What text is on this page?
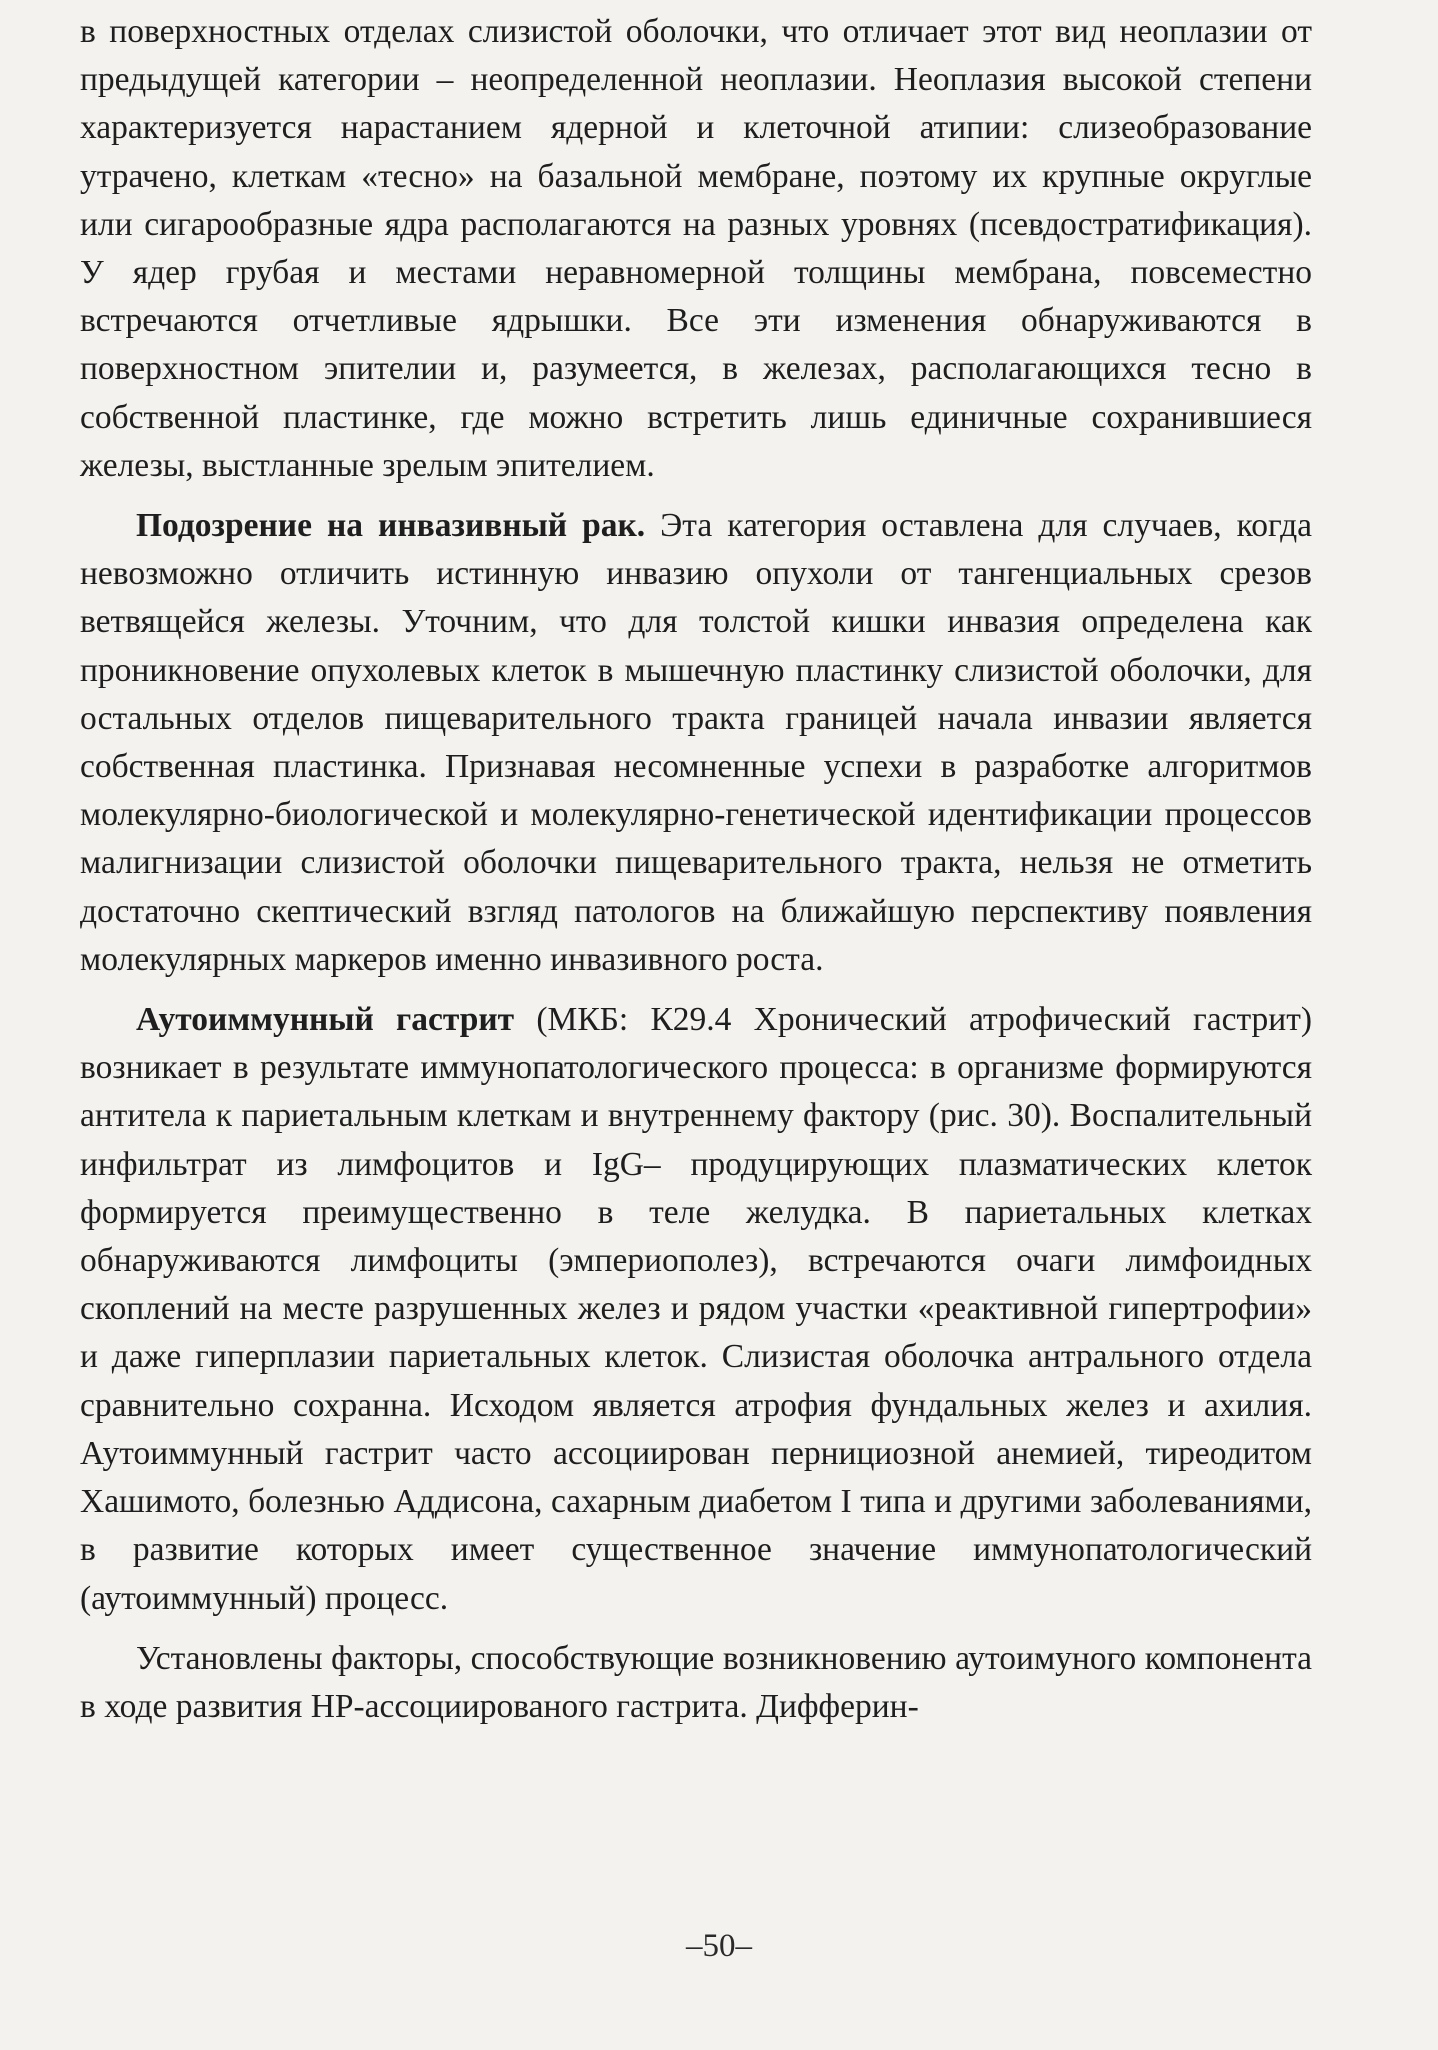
в поверхностных отделах слизистой оболочки, что отличает этот вид неоплазии от предыдущей категории – неопределенной неоплазии. Неоплазия высокой степени характеризуется нарастанием ядерной и клеточной атипии: слизеобразование утрачено, клеткам «тесно» на базальной мембране, поэтому их крупные округлые или сигарообразные ядра располагаются на разных уровнях (псевдостратификация). У ядер грубая и местами неравномерной толщины мембрана, повсеместно встречаются отчетливые ядрышки. Все эти изменения обнаруживаются в поверхностном эпителии и, разумеется, в железах, располагающихся тесно в собственной пластинке, где можно встретить лишь единичные сохранившиеся железы, выстланные зрелым эпителием.

Подозрение на инвазивный рак. Эта категория оставлена для случаев, когда невозможно отличить истинную инвазию опухоли от тангенциальных срезов ветвящейся железы. Уточним, что для толстой кишки инвазия определена как проникновение опухолевых клеток в мышечную пластинку слизистой оболочки, для остальных отделов пищеварительного тракта границей начала инвазии является собственная пластинка. Признавая несомненные успехи в разработке алгоритмов молекулярно-биологической и молекулярно-генетической идентификации процессов малигнизации слизистой оболочки пищеварительного тракта, нельзя не отметить достаточно скептический взгляд патологов на ближайшую перспективу появления молекулярных маркеров именно инвазивного роста.

Аутоиммунный гастрит (МКБ: К29.4 Хронический атрофический гастрит) возникает в результате иммунопатологического процесса: в организме формируются антитела к париетальным клеткам и внутреннему фактору (рис. 30). Воспалительный инфильтрат из лимфоцитов и IgG– продуцирующих плазматических клеток формируется преимущественно в теле желудка. В париетальных клетках обнаруживаются лимфоциты (эмпериополез), встречаются очаги лимфоидных скоплений на месте разрушенных желез и рядом участки «реактивной гипертрофии» и даже гиперплазии париетальных клеток. Слизистая оболочка антрального отдела сравнительно сохранна. Исходом является атрофия фундальных желез и ахилия. Аутоиммунный гастрит часто ассоциирован пернициозной анемией, тиреодитом Хашимото, болезнью Аддисона, сахарным диабетом I типа и другими заболеваниями, в развитие которых имеет существенное значение иммунопатологический (аутоиммунный) процесс.

Установлены факторы, способствующие возникновению аутоимуного компонента в ходе развития НР-ассоциированого гастрита. Дифферин-

–50–
